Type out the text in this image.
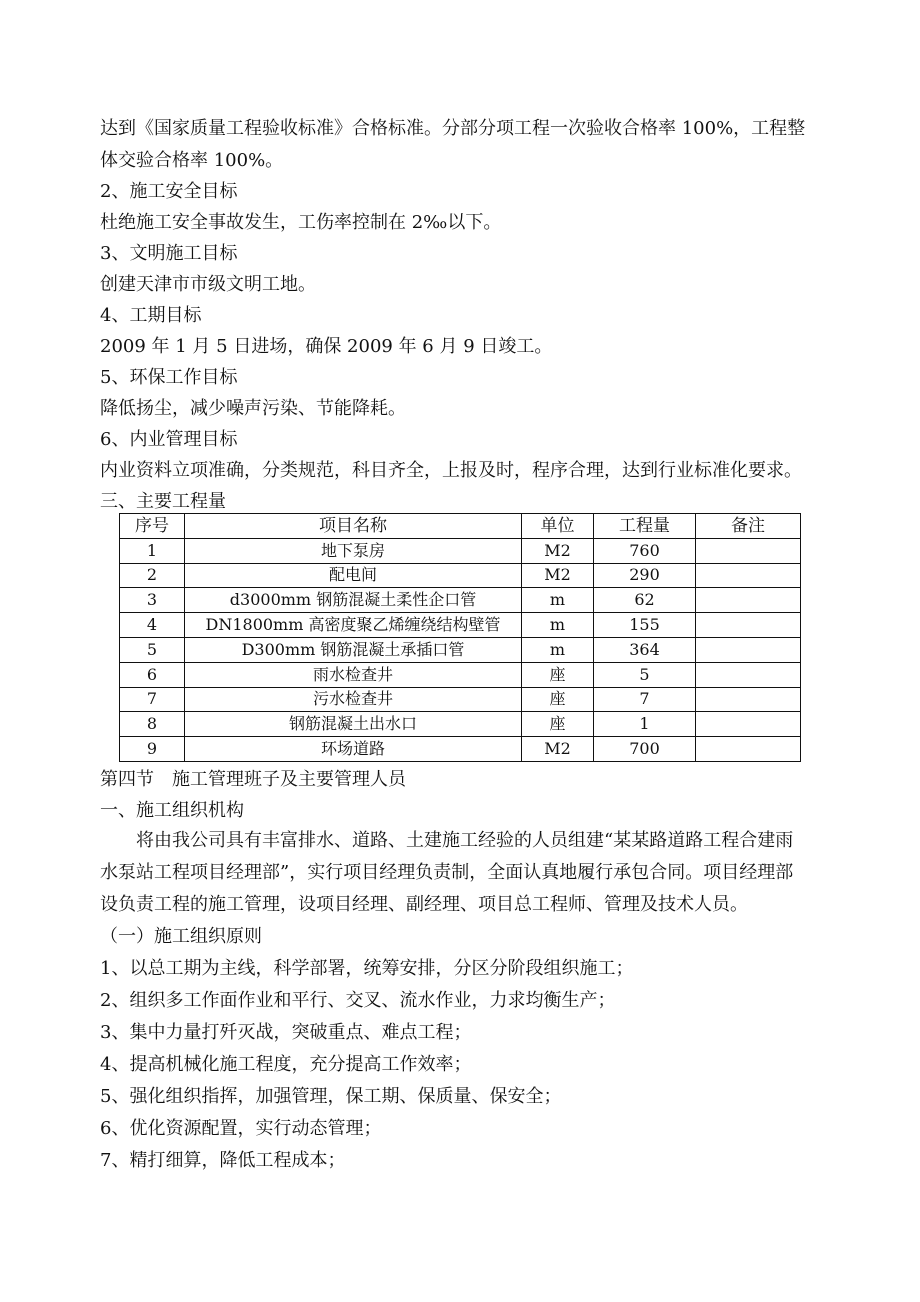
达到《国家质量工程验收标准》合格标准。分部分项工程一次验收合格率 100%，工程整
体交验合格率 100%。
2、施工安全目标
杜绝施工安全事故发生，工伤率控制在 2‰以下。
3、文明施工目标
创建天津市市级文明工地。
4、工期目标
2009 年 1 月 5 日进场，确保 2009 年 6 月 9 日竣工。
5、环保工作目标
降低扬尘，减少噪声污染、节能降耗。
6、内业管理目标
内业资料立项准确，分类规范，科目齐全，上报及时，程序合理，达到行业标准化要求。
三、主要工程量
序号	项目名称	单位	工程量	备注
1	地下泵房	M2	760	
2	配电间	M2	290	
3	d3000mm 钢筋混凝土柔性企口管	m	62	
4	DN1800mm 高密度聚乙烯缠绕结构壁管	m	155	
5	D300mm 钢筋混凝土承插口管	m	364	
6	雨水检查井	座	5	
7	污水检查井	座	7	
8	钢筋混凝土出水口	座	1	
9	环场道路	M2	700	
第四节　施工管理班子及主要管理人员
一、施工组织机构
将由我公司具有丰富排水、道路、土建施工经验的人员组建“某某路道路工程合建雨
水泵站工程项目经理部”，实行项目经理负责制，全面认真地履行承包合同。项目经理部
设负责工程的施工管理，设项目经理、副经理、项目总工程师、管理及技术人员。
（一）施工组织原则
1、以总工期为主线，科学部署，统筹安排，分区分阶段组织施工；
2、组织多工作面作业和平行、交叉、流水作业，力求均衡生产；
3、集中力量打歼灭战，突破重点、难点工程；
4、提高机械化施工程度，充分提高工作效率；
5、强化组织指挥，加强管理，保工期、保质量、保安全；
6、优化资源配置，实行动态管理；
7、精打细算，降低工程成本；
